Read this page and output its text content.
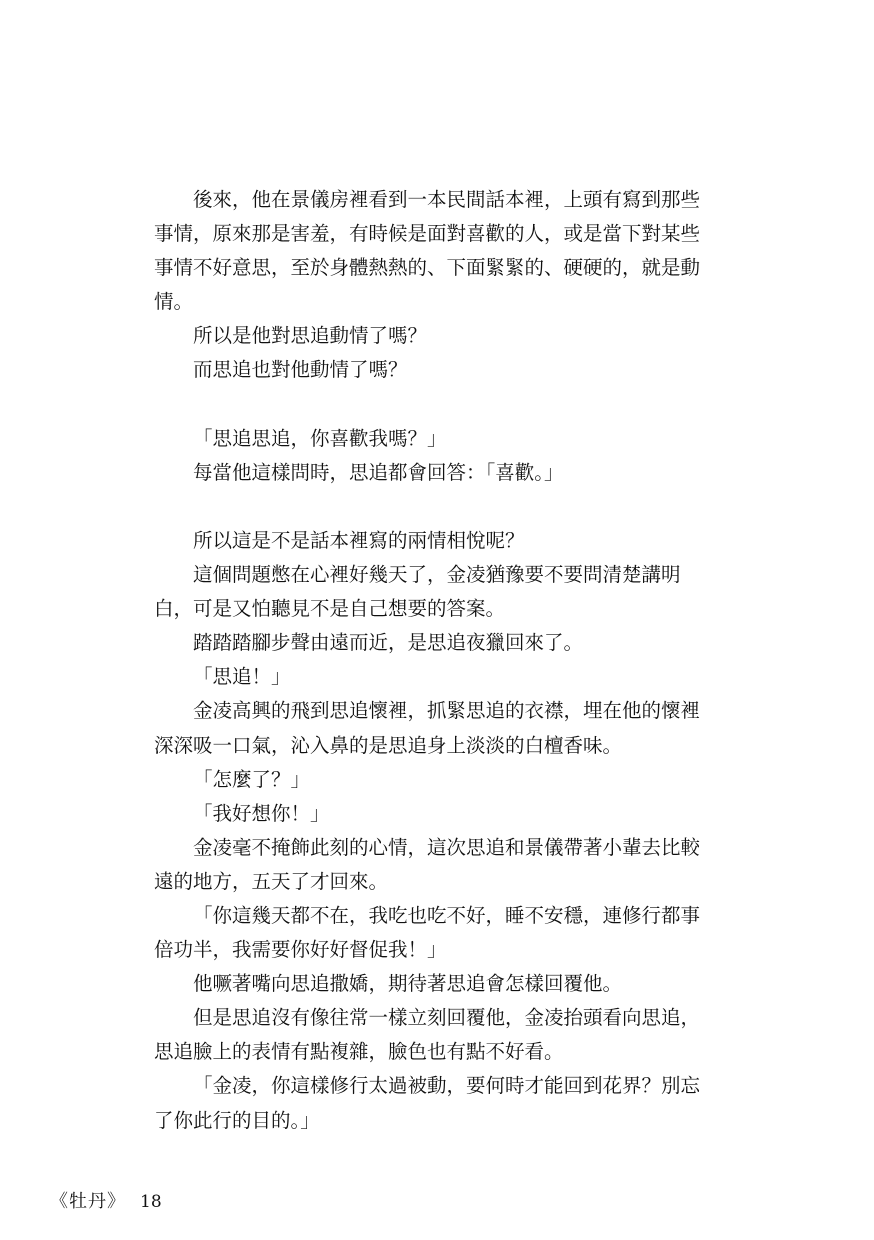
後來，他在景儀房裡看到一本民間話本裡，上頭有寫到那些
事情，原來那是害羞，有時候是面對喜歡的人，或是當下對某些
事情不好意思，至於身體熱熱的、下面緊緊的、硬硬的，就是動
情。
所以是他對思追動情了嗎？
而思追也對他動情了嗎？
「思追思追，你喜歡我嗎？」
每當他這樣問時，思追都會回答：「喜歡。」
所以這是不是話本裡寫的兩情相悅呢？
這個問題憋在心裡好幾天了，金凌猶豫要不要問清楚講明
白，可是又怕聽見不是自己想要的答案。
踏踏踏腳步聲由遠而近，是思追夜獵回來了。
「思追！」
金凌高興的飛到思追懷裡，抓緊思追的衣襟，埋在他的懷裡
深深吸一口氣，沁入鼻的是思追身上淡淡的白檀香味。
「怎麼了？」
「我好想你！」
金凌毫不掩飾此刻的心情，這次思追和景儀帶著小輩去比較
遠的地方，五天了才回來。
「你這幾天都不在，我吃也吃不好，睡不安穩，連修行都事
倍功半，我需要你好好督促我！」
他噘著嘴向思追撒嬌，期待著思追會怎樣回覆他。
但是思追沒有像往常一樣立刻回覆他，金凌抬頭看向思追，
思追臉上的表情有點複雜，臉色也有點不好看。
「金凌，你這樣修行太過被動，要何時才能回到花界？別忘
了你此行的目的。」
《牡丹》 18
